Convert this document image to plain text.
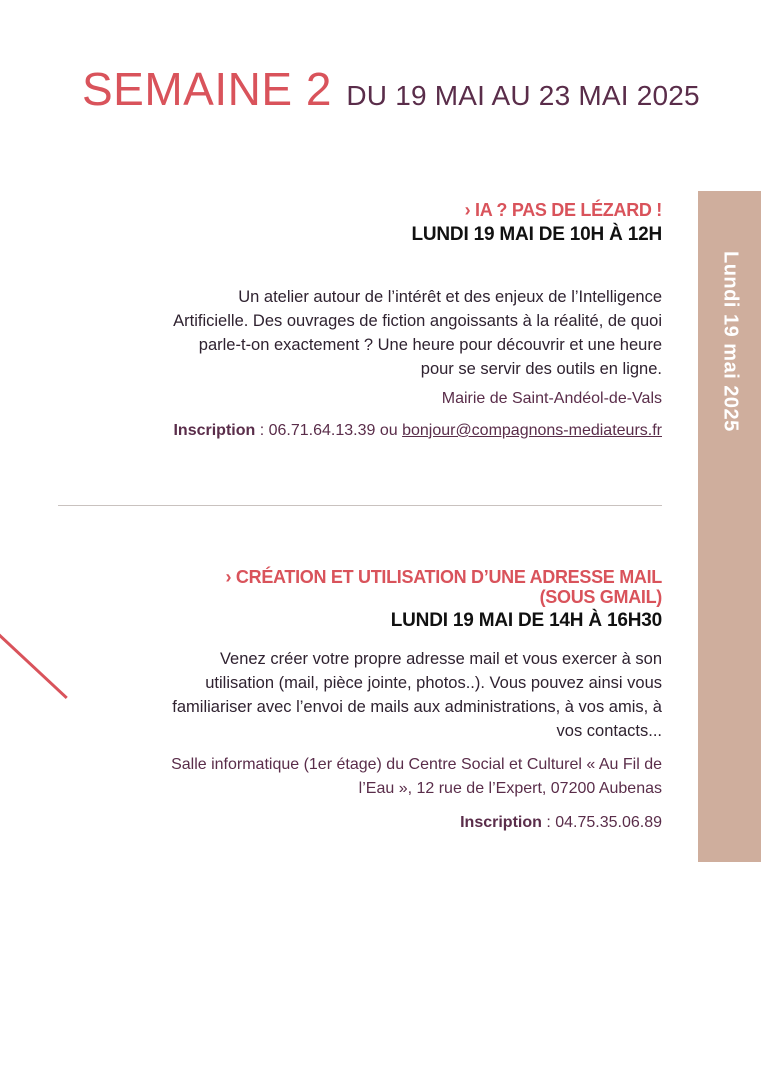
SEMAINE 2 DU 19 MAI AU 23 MAI 2025
Lundi 19 mai 2025
› IA ? PAS DE LÉZARD !
LUNDI 19 MAI DE 10H À 12H
Un atelier autour de l’intérêt et des enjeux de l’Intelligence
Artificielle. Des ouvrages de fiction angoissants à la réalité, de quoi
parle-t-on exactement ? Une heure pour découvrir et une heure
pour se servir des outils en ligne.
Mairie de Saint-Andéol-de-Vals
Inscription : 06.71.64.13.39 ou bonjour@compagnons-mediateurs.fr
› CRÉATION ET UTILISATION D’UNE ADRESSE MAIL
(SOUS GMAIL)
LUNDI 19 MAI DE 14H À 16H30
Venez créer votre propre adresse mail et vous exercer à son
utilisation (mail, pièce jointe, photos..). Vous pouvez ainsi vous
familiariser avec l’envoi de mails aux administrations, à vos amis, à
vos contacts...
Salle informatique (1er étage) du Centre Social et Culturel « Au Fil de
l’Eau », 12 rue de l’Expert, 07200 Aubenas
Inscription : 04.75.35.06.89
